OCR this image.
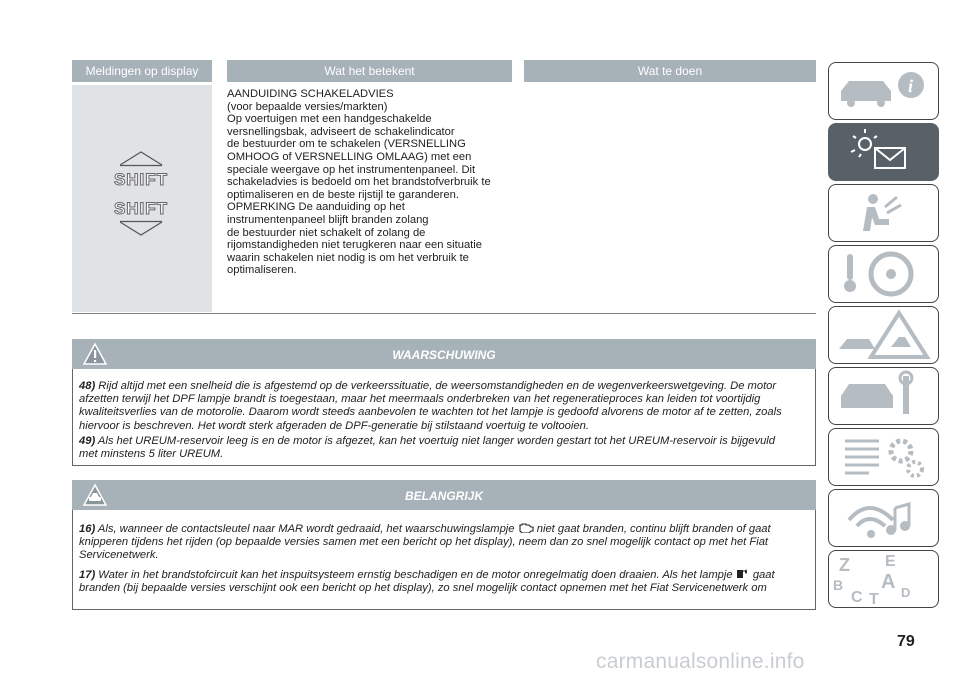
Meldingen op display	Wat het betekent	Wat te doen
SHIFT
SHIFT
AANDUIDING SCHAKELADVIES
(voor bepaalde versies/markten)
Op voertuigen met een handgeschakelde
versnellingsbak, adviseert de schakelindicator
de bestuurder om te schakelen (VERSNELLING
OMHOOG of VERSNELLING OMLAAG) met een
speciale weergave op het instrumentenpaneel. Dit
schakeladvies is bedoeld om het brandstofverbruik te
optimaliseren en de beste rijstijl te garanderen.
OPMERKING De aanduiding op het
instrumentenpaneel blijft branden zolang
de bestuurder niet schakelt of zolang de
rijomstandigheden niet terugkeren naar een situatie
waarin schakelen niet nodig is om het verbruik te
optimaliseren.
WAARSCHUWING
48) Rijd altijd met een snelheid die is afgestemd op de verkeerssituatie, de weersomstandigheden en de wegenverkeerswetgeving. De motor
afzetten terwijl het DPF lampje brandt is toegestaan, maar het meermaals onderbreken van het regeneratieproces kan leiden tot voortijdig
kwaliteitsverlies van de motorolie. Daarom wordt steeds aanbevolen te wachten tot het lampje is gedoofd alvorens de motor af te zetten, zoals
hiervoor is beschreven. Het wordt sterk afgeraden de DPF-generatie bij stilstaand voertuig te voltooien.
49) Als het UREUM-reservoir leeg is en de motor is afgezet, kan het voertuig niet langer worden gestart tot het UREUM-reservoir is bijgevuld
met minstens 5 liter UREUM.
BELANGRIJK
16) Als, wanneer de contactsleutel naar MAR wordt gedraaid, het waarschuwingslampje niet gaat branden, continu blijft branden of gaat
knipperen tijdens het rijden (op bepaalde versies samen met een bericht op het display), neem dan zo snel mogelijk contact op met het Fiat
Servicenetwerk.
17) Water in het brandstofcircuit kan het inspuitsysteem ernstig beschadigen en de motor onregelmatig doen draaien. Als het lampje gaat
branden (bij bepaalde versies verschijnt ook een bericht op het display), zo snel mogelijk contact opnemen met het Fiat Servicenetwerk om
i
Z E
A
B
C	D
T
79
carmanualsonline.info
